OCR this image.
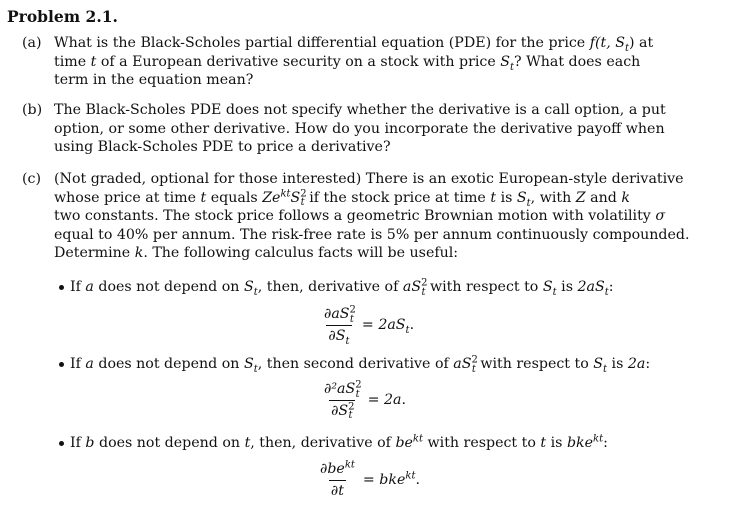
Problem 2.1.
(a) What is the Black-Scholes partial differential equation (PDE) for the price f(t, $S_t$) at
time t of a European derivative security on a stock with price $S_t$? What does each
term in the equation mean?
(b) The Black-Scholes PDE does not specify whether the derivative is a call option, a put
option, or some other derivative. How do you incorporate the derivative payoff when
using Black-Scholes PDE to price a derivative?
(c) (Not graded, optional for those interested) There is an exotic European-style derivative
whose price at time t equals $Ze^{kt}S^2_t$ if the stock price at time t is $S_t$, with Z and k
two constants. The stock price follows a geometric Brownian motion with volatility σ
equal to 40% per annum. The risk-free rate is 5% per annum continuously compounded.
Determine k. The following calculus facts will be useful:
If a does not depend on $S_t$, then, derivative of $aS^2_t$ with respect to $S_t$ is $2aS_t$:
$\frac{\partial aS^2_t}{\partial S_t} = 2aS_t$.
If a does not depend on $S_t$, then second derivative of $aS^2_t$ with respect to $S_t$ is 2a:
$\frac{\partial^2aS^2_t}{\partial S^2_t} = 2a$.
If b does not depend on t, then, derivative of $be^{kt}$ with respect to t is bke$^{kt}$:
$\frac{\partial be^{kt}}{\partial t} = bke^{kt}$.
